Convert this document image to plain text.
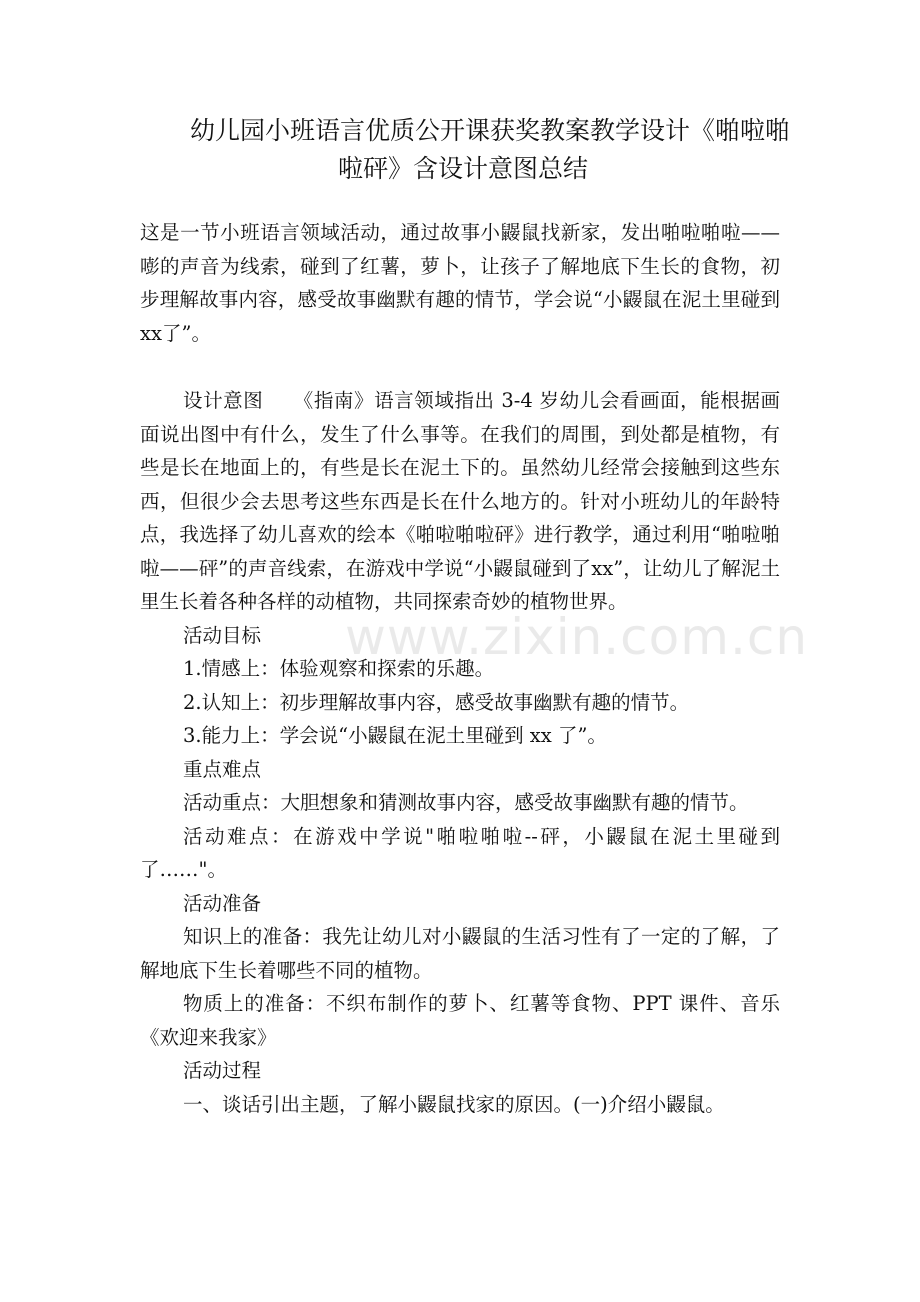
幼儿园小班语言优质公开课获奖教案教学设计《啪啦啪
啦砰》含设计意图总结

这是一节小班语言领域活动，通过故事小鼹鼠找新家，发出啪啦啪啦——嘭的声音为线索，碰到了红薯，萝卜，让孩子了解地底下生长的食物，初步理解故事内容，感受故事幽默有趣的情节，学会说“小鼹鼠在泥土里碰到xx了”。

设计意图　　《指南》语言领域指出 3-4 岁幼儿会看画面，能根据画面说出图中有什么，发生了什么事等。在我们的周围，到处都是植物，有些是长在地面上的，有些是长在泥土下的。虽然幼儿经常会接触到这些东西，但很少会去思考这些东西是长在什么地方的。针对小班幼儿的年龄特点，我选择了幼儿喜欢的绘本《啪啦啪啦砰》进行教学，通过利用“啪啦啪啦——砰”的声音线索，在游戏中学说“小鼹鼠碰到了xx”，让幼儿了解泥土里生长着各种各样的动植物，共同探索奇妙的植物世界。

活动目标

1.情感上：体验观察和探索的乐趣。

2.认知上：初步理解故事内容，感受故事幽默有趣的情节。

3.能力上：学会说“小鼹鼠在泥土里碰到 xx 了”。

重点难点

活动重点：大胆想象和猜测故事内容，感受故事幽默有趣的情节。

活动难点：在游戏中学说"啪啦啪啦--砰，小鼹鼠在泥土里碰到了……"。

活动准备

知识上的准备：我先让幼儿对小鼹鼠的生活习性有了一定的了解，了解地底下生长着哪些不同的植物。

物质上的准备：不织布制作的萝卜、红薯等食物、PPT 课件、音乐《欢迎来我家》

活动过程

一、谈话引出主题，了解小鼹鼠找家的原因。(一)介绍小鼹鼠。

www.zixin.com.cn
